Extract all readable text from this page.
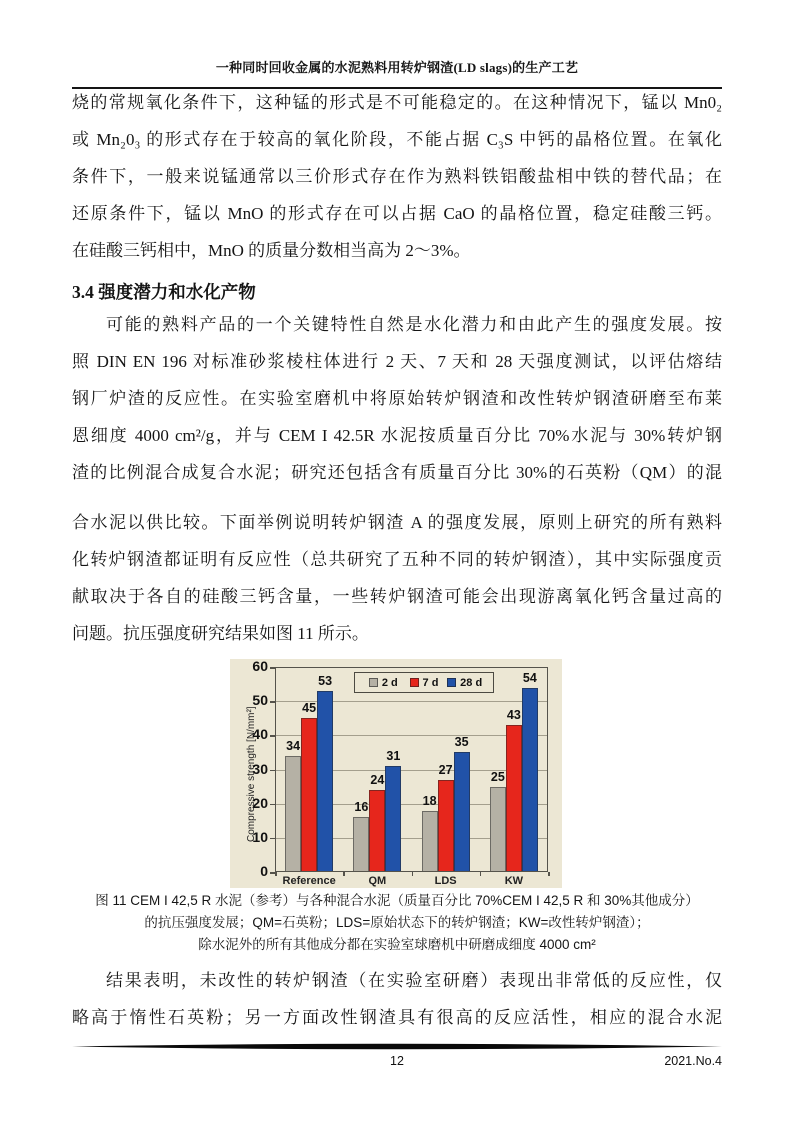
一种同时回收金属的水泥熟料用转炉钢渣(LD slags)的生产工艺
烧的常规氧化条件下，这种锰的形式是不可能稳定的。在这种情况下，锰以 Mn0₂
或 Mn₂0₃ 的形式存在于较高的氧化阶段，不能占据 C₃S 中钙的晶格位置。在氧化
条件下，一般来说锰通常以三价形式存在作为熟料铁铝酸盐相中铁的替代品；在
还原条件下，锰以 MnO 的形式存在可以占据 CaO 的晶格位置，稳定硅酸三钙。
在硅酸三钙相中，MnO 的质量分数相当高为 2～3%。
3.4 强度潜力和水化产物
可能的熟料产品的一个关键特性自然是水化潜力和由此产生的强度发展。按
照 DIN EN 196 对标准砂浆棱柱体进行 2 天、7 天和 28 天强度测试，以评估熔结
钢厂炉渣的反应性。在实验室磨机中将原始转炉钢渣和改性转炉钢渣研磨至布莱
恩细度 4000 cm²/g，并与 CEM I 42.5R 水泥按质量百分比 70%水泥与 30%转炉钢
渣的比例混合成复合水泥；研究还包括含有质量百分比 30%的石英粉（QM）的混
合水泥以供比较。下面举例说明转炉钢渣 A 的强度发展，原则上研究的所有熟料
化转炉钢渣都证明有反应性（总共研究了五种不同的转炉钢渣），其中实际强度贡
献取决于各自的硅酸三钙含量，一些转炉钢渣可能会出现游离氧化钙含量过高的
问题。抗压强度研究结果如图 11 所示。
Compressive strength [N/mm²] 34
45
53
Reference
16
24
31
QM
18
27
35
LDS
25
43
54
KW
0
10
20
30
40
50
60
2 d 7 d 28 d
图 11 CEM I 42,5 R 水泥（参考）与各种混合水泥（质量百分比 70%CEM I 42,5 R 和 30%其他成分）
的抗压强度发展；QM=石英粉；LDS=原始状态下的转炉钢渣；KW=改性转炉钢渣）；
除水泥外的所有其他成分都在实验室球磨机中研磨成细度 4000 cm²
结果表明，未改性的转炉钢渣（在实验室研磨）表现出非常低的反应性，仅
略高于惰性石英粉；另一方面改性钢渣具有很高的反应活性，相应的混合水泥
12	2021.No.4
